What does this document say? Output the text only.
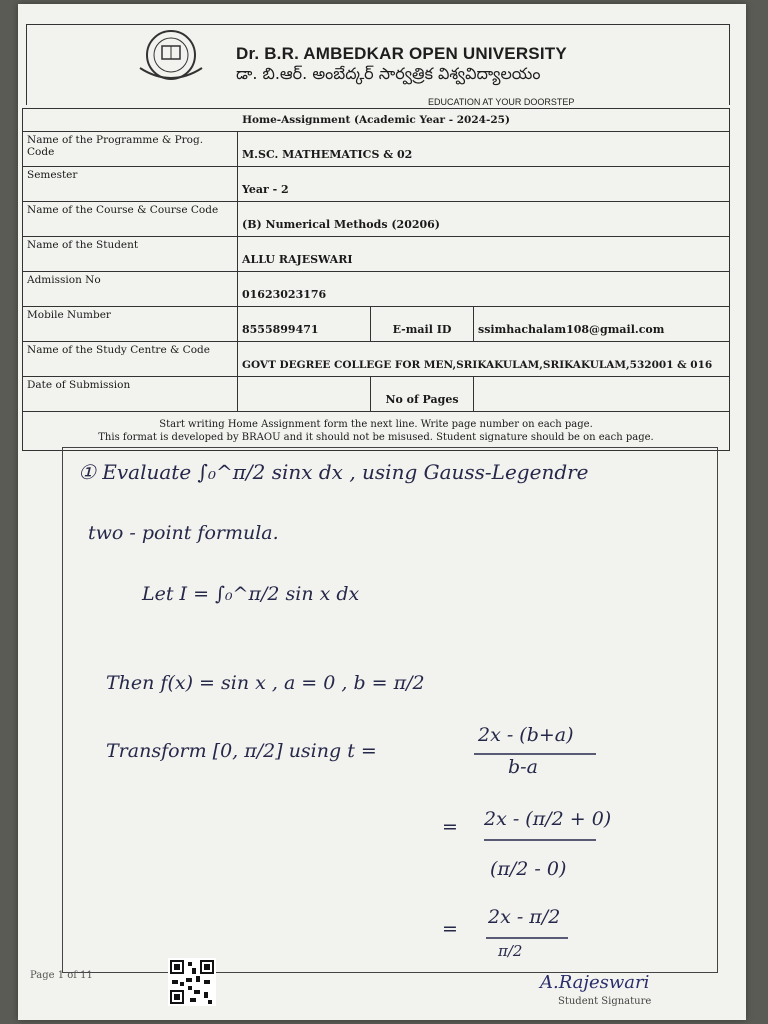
Dr. B.R. AMBEDKAR OPEN UNIVERSITY
డా. బి.ఆర్. అంబేద్కర్ సార్వత్రిక విశ్వవిద్యాలయం
EDUCATION AT YOUR DOORSTEP
Home-Assignment (Academic Year - 2024-25)			
Name of the Programme & Prog. Code	M.SC. MATHEMATICS & 02		
Semester	Year - 2		
Name of the Course & Course Code	(B) Numerical Methods (20206)		
Name of the Student	ALLU RAJESWARI		
Admission No	01623023176		
Mobile Number	8555899471	E-mail ID	ssimhachalam108@gmail.com
Name of the Study Centre & Code	GOVT DEGREE COLLEGE FOR MEN,SRIKAKULAM,SRIKAKULAM,532001 & 016		
Date of Submission		No of Pages	

Start writing Home Assignment form the next line. Write page number on each page.
This format is developed by BRAOU and it should not be misused. Student signature should be on each page.			
① Evaluate ∫₀^π/2 sinx dx , using Gauss-Legendre
two - point formula.
Let I = ∫₀^π/2 sin x dx
Then f(x) = sin x , a = 0 , b = π/2
Transform [0, π/2] using t =
2x - (b+a)
b-a
= 2x - (π/2 + 0)
(π/2 - 0)
=
2x - π/2
π/2
Page 1 of 11	A.Rajeswari
Student Signature
